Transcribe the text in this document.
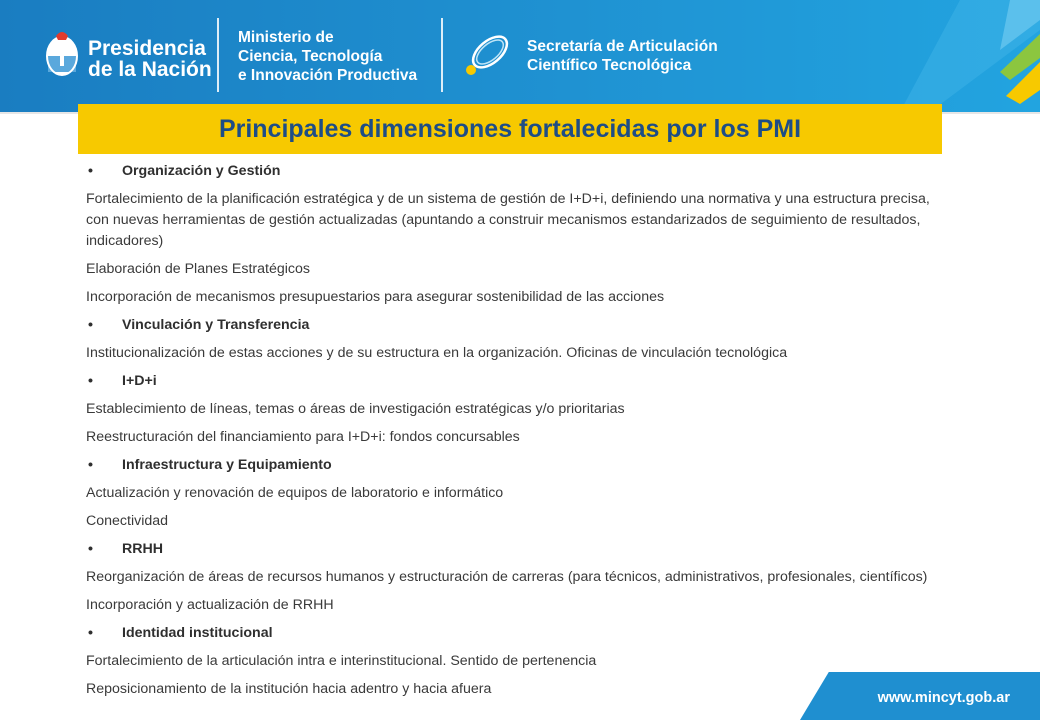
Presidencia
de la Nación
Ministerio de
Ciencia, Tecnología
e Innovación Productiva
Secretaría de Articulación
Científico Tecnológica
Principales dimensiones fortalecidas por los PMI
• Organización y Gestión
Fortalecimiento de la planificación estratégica y de un sistema de gestión de I+D+i, definiendo una normativa y una estructura precisa, con nuevas herramientas de gestión actualizadas (apuntando a construir mecanismos estandarizados de seguimiento de resultados, indicadores)
Elaboración de Planes Estratégicos
Incorporación de mecanismos presupuestarios para asegurar sostenibilidad de las acciones
• Vinculación y Transferencia
Institucionalización de estas acciones y de su estructura en la organización. Oficinas de vinculación tecnológica
• I+D+i
Establecimiento de líneas, temas o áreas de investigación estratégicas y/o prioritarias
Reestructuración del financiamiento para I+D+i: fondos concursables
• Infraestructura y Equipamiento
Actualización y renovación de equipos de laboratorio e informático
Conectividad
• RRHH
Reorganización de áreas de recursos humanos y estructuración de carreras (para técnicos, administrativos, profesionales, científicos)
Incorporación y actualización de RRHH
• Identidad institucional
Fortalecimiento de la articulación intra e interinstitucional. Sentido de pertenencia
Reposicionamiento de la institución hacia adentro y hacia afuera
www.mincyt.gob.ar
